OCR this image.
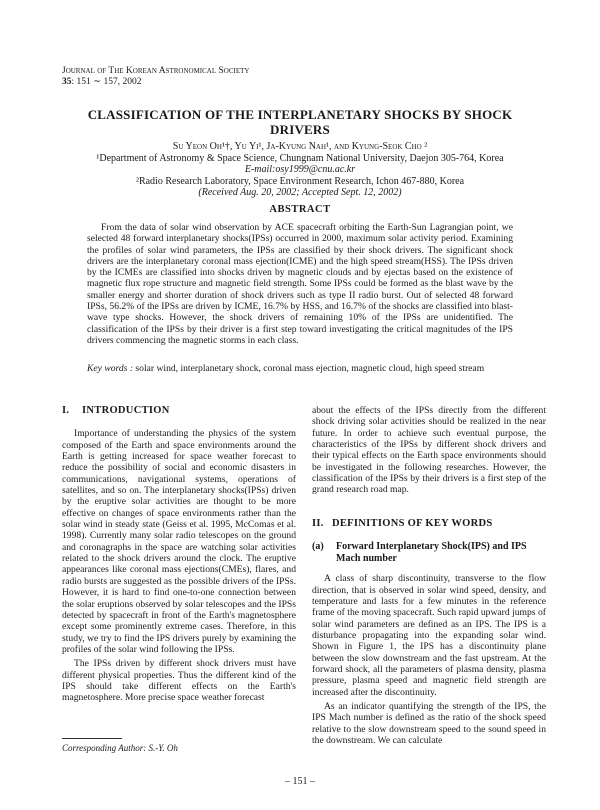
Journal of The Korean Astronomical Society
35: 151 ∼ 157, 2002
CLASSIFICATION OF THE INTERPLANETARY SHOCKS BY SHOCK DRIVERS
Su Yeon Oh¹†, Yu Yi¹, Ja-Kyung Nah¹, and Kyung-Seok Cho ²
¹Department of Astronomy & Space Science, Chungnam National University, Daejon 305-764, Korea
E-mail:osy1999@cnu.ac.kr
²Radio Research Laboratory, Space Environment Research, Ichon 467-880, Korea
(Received Aug. 20, 2002; Accepted Sept. 12, 2002)
ABSTRACT

From the data of solar wind observation by ACE spacecraft orbiting the Earth-Sun Lagrangian point, we selected 48 forward interplanetary shocks(IPSs) occurred in 2000, maximum solar activity period. Examining the profiles of solar wind parameters, the IPSs are classified by their shock drivers. The significant shock drivers are the interplanetary coronal mass ejection(ICME) and the high speed stream(HSS). The IPSs driven by the ICMEs are classified into shocks driven by magnetic clouds and by ejectas based on the existence of magnetic flux rope structure and magnetic field strength. Some IPSs could be formed as the blast wave by the smaller energy and shorter duration of shock drivers such as type II radio burst. Out of selected 48 forward IPSs, 56.2% of the IPSs are driven by ICME, 16.7% by HSS, and 16.7% of the shocks are classified into blast-wave type shocks. However, the shock drivers of remaining 10% of the IPSs are unidentified. The classification of the IPSs by their driver is a first step toward investigating the critical magnitudes of the IPS drivers commencing the magnetic storms in each class.

Key words : solar wind, interplanetary shock, coronal mass ejection, magnetic cloud, high speed stream
I. INTRODUCTION

Importance of understanding the physics of the system composed of the Earth and space environments around the Earth is getting increased for space weather forecast to reduce the possibility of social and economic disasters in communications, navigational systems, operations of satellites, and so on. The interplanetary shocks(IPSs) driven by the eruptive solar activities are thought to be more effective on changes of space environments rather than the solar wind in steady state (Geiss et al. 1995, McComas et al. 1998). Currently many solar radio telescopes on the ground and coronagraphs in the space are watching solar activities related to the shock drivers around the clock. The eruptive appearances like coronal mass ejections(CMEs), flares, and radio bursts are suggested as the possible drivers of the IPSs. However, it is hard to find one-to-one connection between the solar eruptions observed by solar telescopes and the IPSs detected by spacecraft in front of the Earth's magnetosphere except some prominently extreme cases. Therefore, in this study, we try to find the IPS drivers purely by examining the profiles of the solar wind following the IPSs.

The IPSs driven by different shock drivers must have different physical properties. Thus the different kind of the IPS should take different effects on the Earth's magnetosphere. More precise space weather forecast

about the effects of the IPSs directly from the different shock driving solar activities should be realized in the near future. In order to achieve such eventual purpose, the characteristics of the IPSs by different shock drivers and their typical effects on the Earth space environments should be investigated in the following researches. However, the classification of the IPSs by their drivers is a first step of the grand research road map.

II. DEFINITIONS OF KEY WORDS
(a)	Forward Interplanetary Shock(IPS) and IPS Mach number

A class of sharp discontinuity, transverse to the flow direction, that is observed in solar wind speed, density, and temperature and lasts for a few minutes in the reference frame of the moving spacecraft. Such rapid upward jumps of solar wind parameters are defined as an IPS. The IPS is a disturbance propagating into the expanding solar wind. Shown in Figure 1, the IPS has a discontinuity plane between the slow downstream and the fast upstream. At the forward shock, all the parameters of plasma density, plasma pressure, plasma speed and magnetic field strength are increased after the discontinuity.

As an indicator quantifying the strength of the IPS, the IPS Mach number is defined as the ratio of the shock speed relative to the slow downstream speed to the sound speed in the downstream. We can calculate

Corresponding Author: S.-Y. Oh
– 151 –
